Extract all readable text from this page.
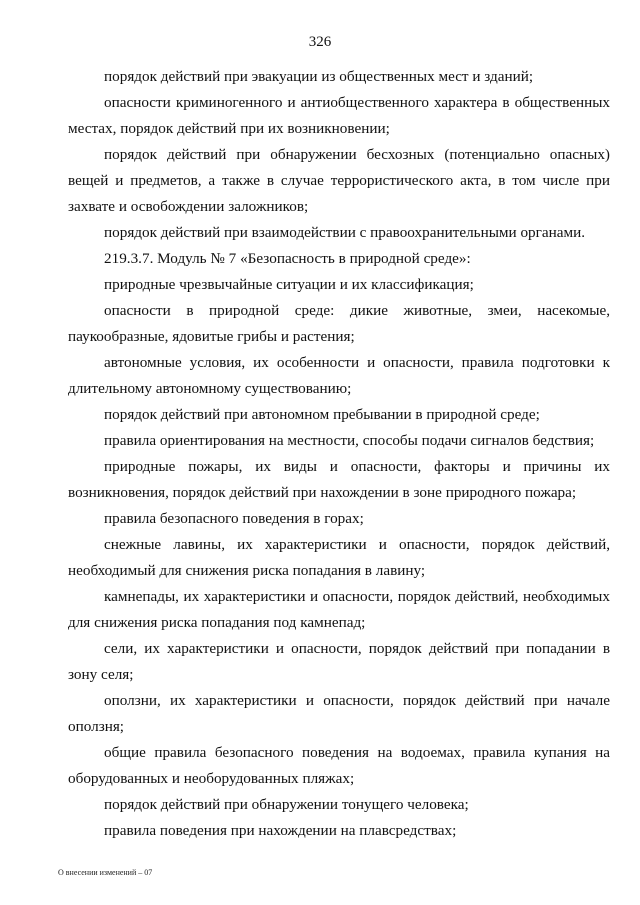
326

порядок действий при эвакуации из общественных мест и зданий;

опасности криминогенного и антиобщественного характера в общественных местах, порядок действий при их возникновении;

порядок действий при обнаружении бесхозных (потенциально опасных) вещей и предметов, а также в случае террористического акта, в том числе при захвате и освобождении заложников;

порядок действий при взаимодействии с правоохранительными органами.

219.3.7. Модуль № 7 «Безопасность в природной среде»:

природные чрезвычайные ситуации и их классификация;

опасности в природной среде: дикие животные, змеи, насекомые, паукообразные, ядовитые грибы и растения;

автономные условия, их особенности и опасности, правила подготовки к длительному автономному существованию;

порядок действий при автономном пребывании в природной среде;

правила ориентирования на местности, способы подачи сигналов бедствия;

природные пожары, их виды и опасности, факторы и причины их возникновения, порядок действий при нахождении в зоне природного пожара;

правила безопасного поведения в горах;

снежные лавины, их характеристики и опасности, порядок действий, необходимый для снижения риска попадания в лавину;

камнепады, их характеристики и опасности, порядок действий, необходимых для снижения риска попадания под камнепад;

сели, их характеристики и опасности, порядок действий при попадании в зону селя;

оползни, их характеристики и опасности, порядок действий при начале оползня;

общие правила безопасного поведения на водоемах, правила купания на оборудованных и необорудованных пляжах;

порядок действий при обнаружении тонущего человека;

правила поведения при нахождении на плавсредствах;

О внесении изменений – 07
